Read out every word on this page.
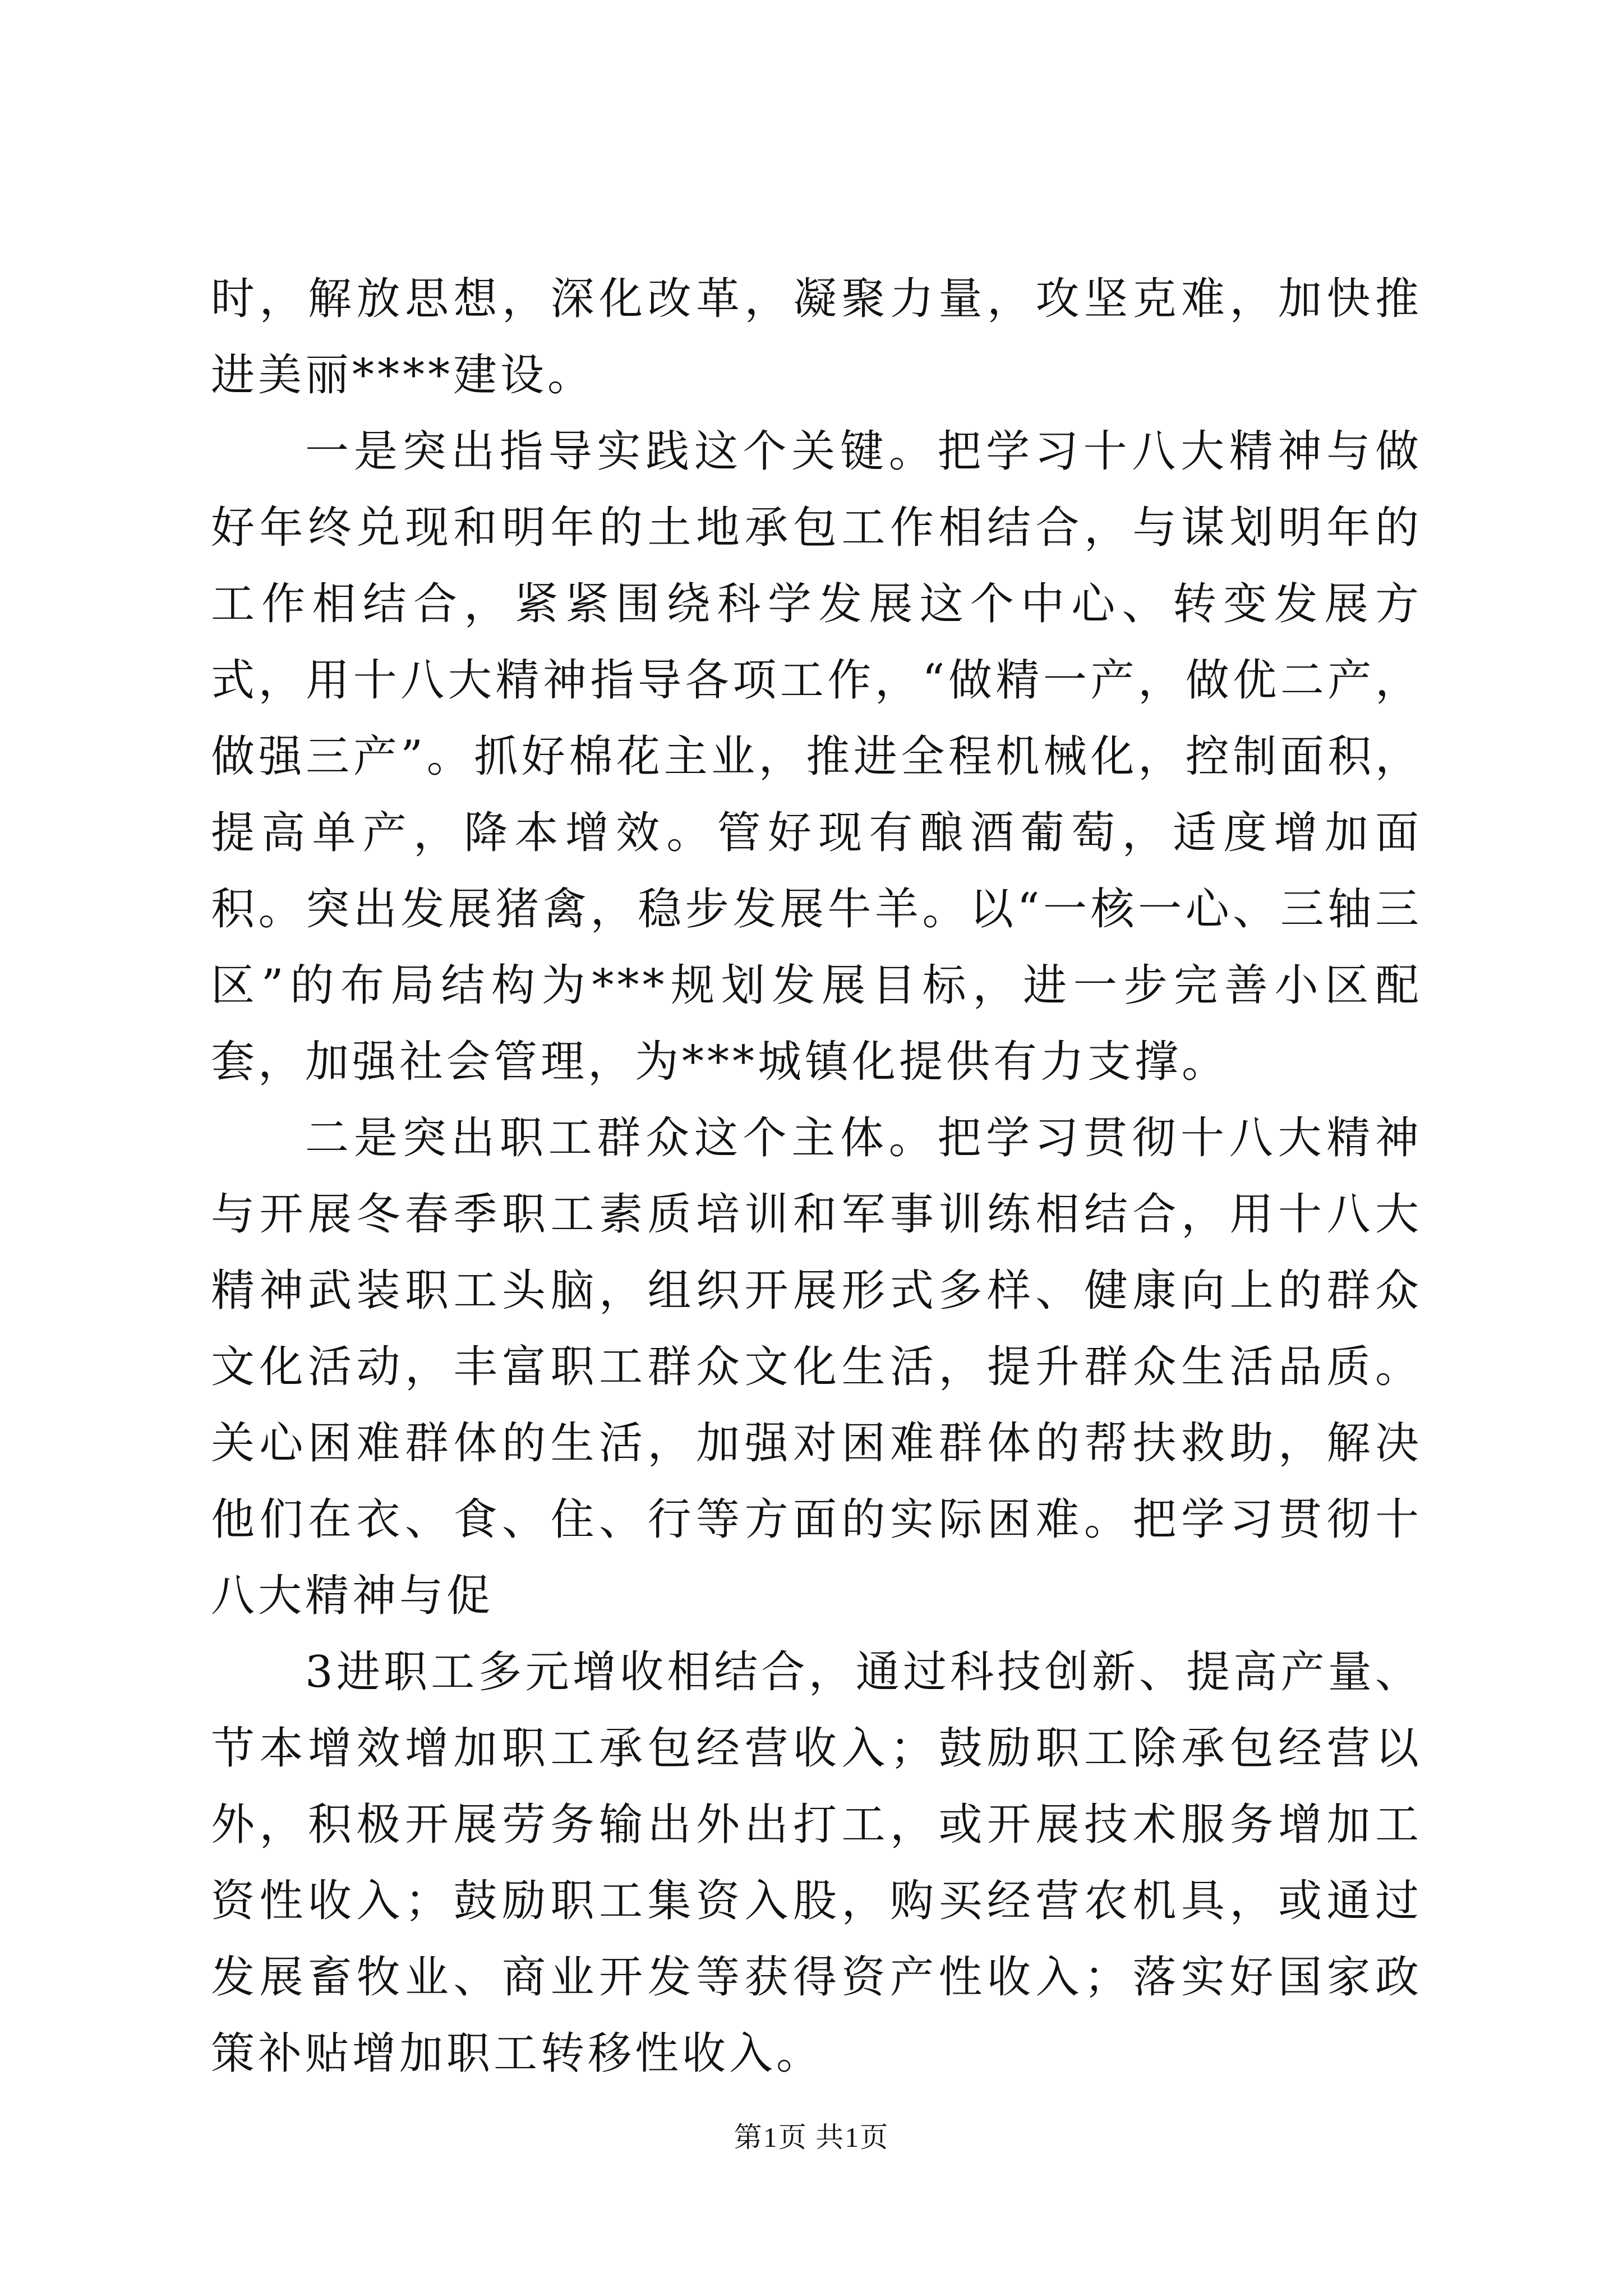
时，解放思想，深化改革，凝聚力量，攻坚克难，加快推进美丽****建设。

一是突出指导实践这个关键。把学习十八大精神与做好年终兑现和明年的土地承包工作相结合，与谋划明年的工作相结合，紧紧围绕科学发展这个中心、转变发展方式，用十八大精神指导各项工作，“做精一产，做优二产，做强三产”。抓好棉花主业，推进全程机械化，控制面积，提高单产，降本增效。管好现有酿酒葡萄，适度增加面积。突出发展猪禽，稳步发展牛羊。以“一核一心、三轴三区”的布局结构为***规划发展目标，进一步完善小区配套，加强社会管理，为***城镇化提供有力支撑。

二是突出职工群众这个主体。把学习贯彻十八大精神与开展冬春季职工素质培训和军事训练相结合，用十八大精神武装职工头脑，组织开展形式多样、健康向上的群众文化活动，丰富职工群众文化生活，提升群众生活品质。关心困难群体的生活，加强对困难群体的帮扶救助，解决他们在衣、食、住、行等方面的实际困难。把学习贯彻十八大精神与促

3进职工多元增收相结合，通过科技创新、提高产量、节本增效增加职工承包经营收入；鼓励职工除承包经营以外，积极开展劳务输出外出打工，或开展技术服务增加工资性收入；鼓励职工集资入股，购买经营农机具，或通过发展畜牧业、商业开发等获得资产性收入；落实好国家政策补贴增加职工转移性收入。

第1页 共1页
